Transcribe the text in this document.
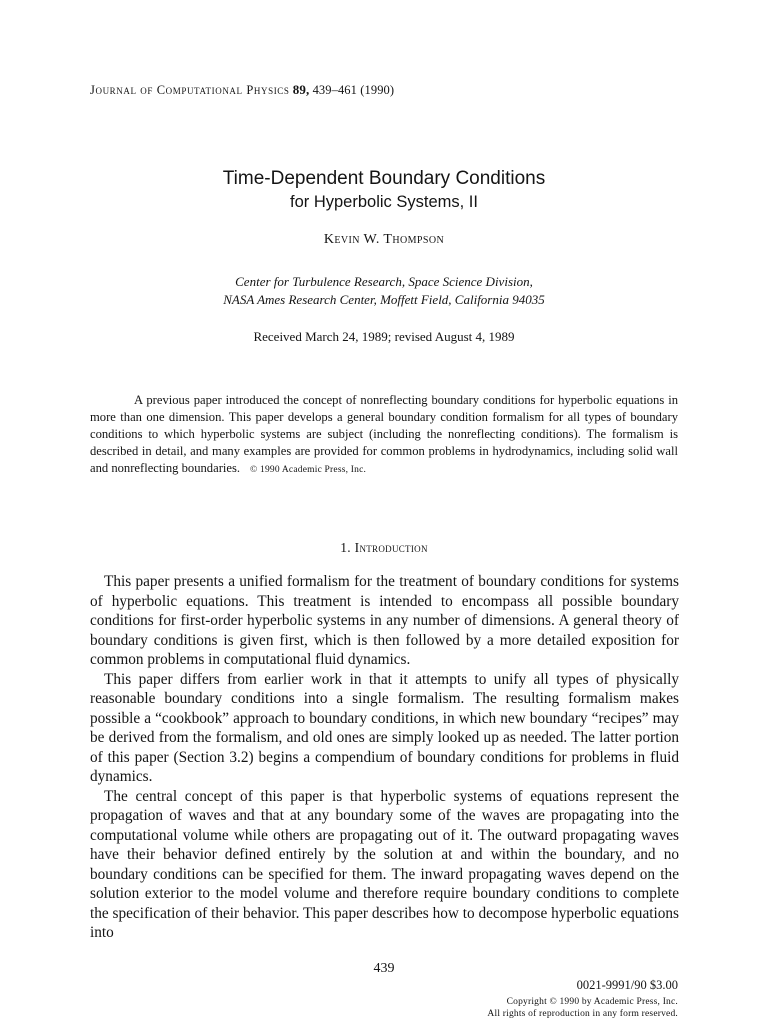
Journal of Computational Physics 89, 439–461 (1990)
Time-Dependent Boundary Conditions
for Hyperbolic Systems, II
Kevin W. Thompson
Center for Turbulence Research, Space Science Division,
NASA Ames Research Center, Moffett Field, California 94035
Received March 24, 1989; revised August 4, 1989

A previous paper introduced the concept of nonreflecting boundary conditions for hyperbolic equations in more than one dimension. This paper develops a general boundary condition formalism for all types of boundary conditions to which hyperbolic systems are subject (including the nonreflecting conditions). The formalism is described in detail, and many examples are provided for common problems in hydrodynamics, including solid wall and nonreflecting boundaries. © 1990 Academic Press, Inc.

1. Introduction

This paper presents a unified formalism for the treatment of boundary conditions for systems of hyperbolic equations. This treatment is intended to encompass all possible boundary conditions for first-order hyperbolic systems in any number of dimensions. A general theory of boundary conditions is given first, which is then followed by a more detailed exposition for common problems in computational fluid dynamics.

This paper differs from earlier work in that it attempts to unify all types of physically reasonable boundary conditions into a single formalism. The resulting formalism makes possible a “cookbook” approach to boundary conditions, in which new boundary “recipes” may be derived from the formalism, and old ones are simply looked up as needed. The latter portion of this paper (Section 3.2) begins a compendium of boundary conditions for problems in fluid dynamics.

The central concept of this paper is that hyperbolic systems of equations represent the propagation of waves and that at any boundary some of the waves are propagating into the computational volume while others are propagating out of it. The outward propagating waves have their behavior defined entirely by the solution at and within the boundary, and no boundary conditions can be specified for them. The inward propagating waves depend on the solution exterior to the model volume and therefore require boundary conditions to complete the specification of their behavior. This paper describes how to decompose hyperbolic equations into

439
0021-9991/90 $3.00
Copyright © 1990 by Academic Press, Inc.
All rights of reproduction in any form reserved.
